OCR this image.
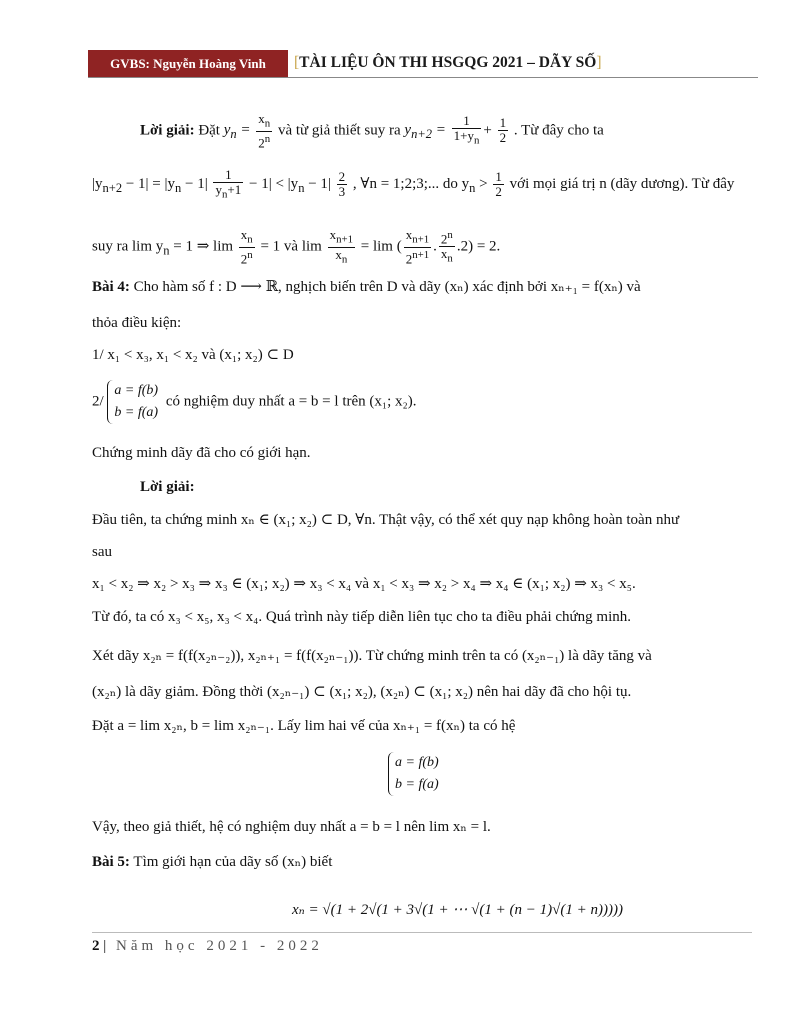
GVBS: Nguyễn Hoàng Vinh	[TÀI LIỆU ÔN THI HSGQG 2021 – DÃY SỐ]
Lời giải: Đặt $y_n = \frac{x_n}{2^n}$ và từ giả thiết suy ra $y_{n+2} = \frac{1}{1+y_n} + \frac{1}{2}$ . Từ đây cho ta
$|y_{n+2} - 1| = |y_n - 1| \frac{1}{y_n+1} - 1| < |y_n - 1| \frac{2}{3}$ , ∀n = 1;2;3;... do $y_n > \frac{1}{2}$ với mọi giá trị n (dãy dương). Từ đây
suy ra $\lim y_n = 1$ ⇒ $\lim \frac{x_n}{2^n} = 1$ và $\lim \frac{x_{n+1}}{x_n} = \lim$ ( $\frac{x_{n+1}}{2^{n+1}}$ . $\frac{2^n}{x_n} .2) = 2$.
Bài 4: Cho hàm số f : D ⟶ ℝ, nghịch biến trên D và dãy (xₙ) xác định bởi xₙ₊₁ = f(xₙ) và
thỏa điều kiện:
1/ x₁ < x₃, x₁ < x₂ và (x₁; x₂) ⊂ D
2/
a = f(b)
b = f(a)
có nghiệm duy nhất a = b = l trên (x₁; x₂).
Chứng minh dãy đã cho có giới hạn.
Lời giải:
Đầu tiên, ta chứng minh xₙ ∈ (x₁; x₂) ⊂ D, ∀n. Thật vậy, có thể xét quy nạp không hoàn toàn như
sau
x₁ < x₂ ⇒ x₂ > x₃ ⇒ x₃ ∈ (x₁; x₂) ⇒ x₃ < x₄ và x₁ < x₃ ⇒ x₂ > x₄ ⇒ x₄ ∈ (x₁; x₂) ⇒ x₃ < x₅.
Từ đó, ta có x₃ < x₅, x₃ < x₄. Quá trình này tiếp diễn liên tục cho ta điều phải chứng minh.
Xét dãy x₂ₙ = f(f(x₂ₙ₋₂)), x₂ₙ₊₁ = f(f(x₂ₙ₋₁)). Từ chứng minh trên ta có (x₂ₙ₋₁) là dãy tăng và
(x₂ₙ) là dãy giảm. Đồng thời (x₂ₙ₋₁) ⊂ (x₁; x₂), (x₂ₙ) ⊂ (x₁; x₂) nên hai dãy đã cho hội tụ.
Đặt a = lim x₂ₙ, b = lim x₂ₙ₋₁. Lấy lim hai vế của xₙ₊₁ = f(xₙ) ta có hệ
a = f(b)
b = f(a)
Vậy, theo giả thiết, hệ có nghiệm duy nhất a = b = l nên lim xₙ = l.
Bài 5: Tìm giới hạn của dãy số (xₙ) biết
xₙ = √(1 + 2√(1 + 3√(1 + ⋯ √(1 + (n − 1)√(1 + n)))))
2 | Năm học 2021 - 2022
